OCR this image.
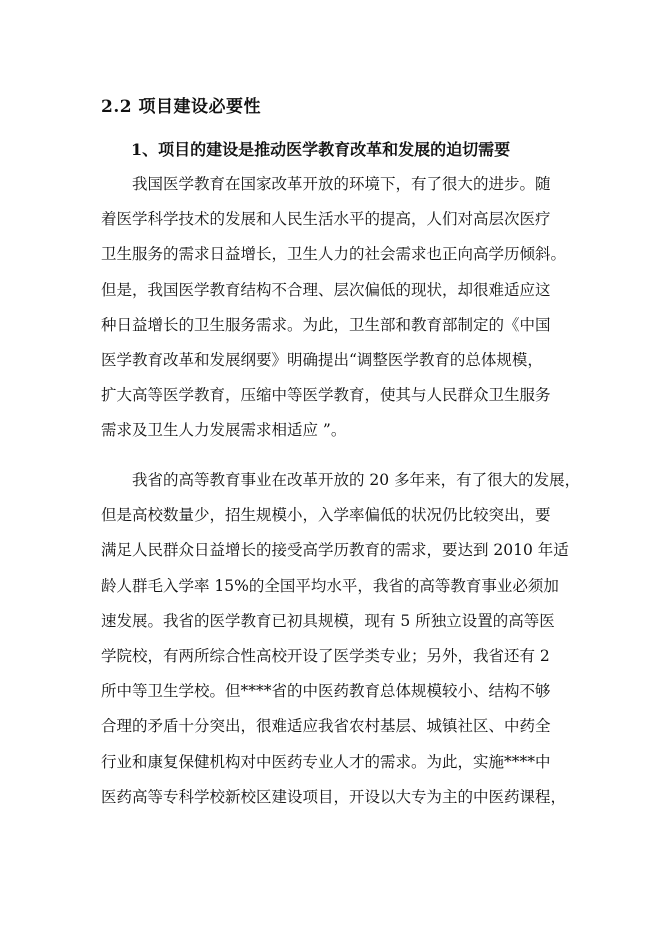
2.2 项目建设必要性
1、项目的建设是推动医学教育改革和发展的迫切需要

我国医学教育在国家改革开放的环境下，有了很大的进步。随
着医学科学技术的发展和人民生活水平的提高，人们对高层次医疗
卫生服务的需求日益增长，卫生人力的社会需求也正向高学历倾斜。
但是，我国医学教育结构不合理、层次偏低的现状，却很难适应这
种日益增长的卫生服务需求。为此，卫生部和教育部制定的《中国
医学教育改革和发展纲要》明确提出“调整医学教育的总体规模，
扩大高等医学教育，压缩中等医学教育，使其与人民群众卫生服务
需求及卫生人力发展需求相适应 ”。

我省的高等教育事业在改革开放的 20 多年来，有了很大的发展，
但是高校数量少，招生规模小，入学率偏低的状况仍比较突出，要
满足人民群众日益增长的接受高学历教育的需求，要达到 2010 年适
龄人群毛入学率 15%的全国平均水平，我省的高等教育事业必须加
速发展。我省的医学教育已初具规模，现有 5 所独立设置的高等医
学院校，有两所综合性高校开设了医学类专业；另外，我省还有 2
所中等卫生学校。但****省的中医药教育总体规模较小、结构不够
合理的矛盾十分突出，很难适应我省农村基层、城镇社区、中药全
行业和康复保健机构对中医药专业人才的需求。为此，实施****中
医药高等专科学校新校区建设项目，开设以大专为主的中医药课程，
